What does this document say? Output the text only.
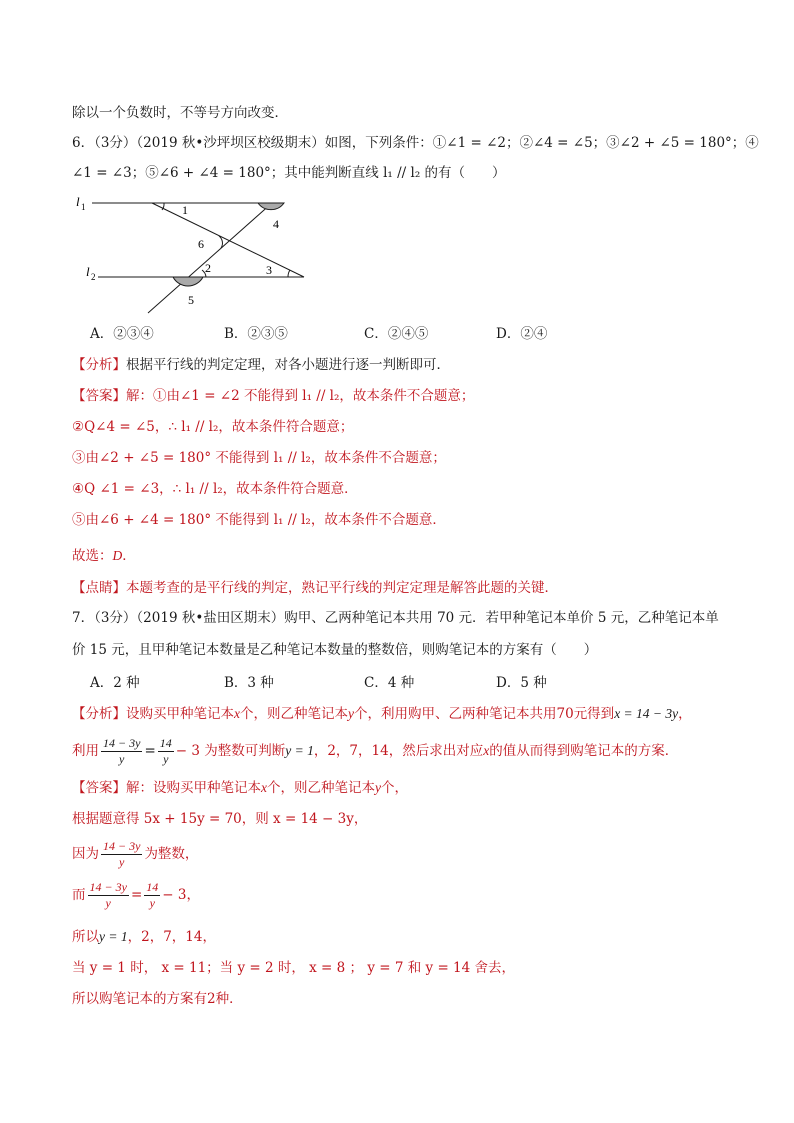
除以一个负数时，不等号方向改变．
6．（3分）（2019 秋•沙坪坝区校级期末）如图，下列条件：①∠1 = ∠2；②∠4 = ∠5；③∠2 + ∠5 = 180°；④
∠1 = ∠3；⑤∠6 + ∠4 = 180°；其中能判断直线 l₁ // l₂ 的有（　　）
l 1
l 2
1
4
6
2	3
5
A．②③④	B．②③⑤	C．②④⑤	D．②④
【分析】根据平行线的判定定理，对各小题进行逐一判断即可．
【答案】解：①由∠1 = ∠2 不能得到 l₁ // l₂，故本条件不合题意；
②Q∠4 = ∠5，∴ l₁ // l₂，故本条件符合题意；
③由∠2 + ∠5 = 180° 不能得到 l₁ // l₂，故本条件不合题意；
④Q ∠1 = ∠3，∴ l₁ // l₂，故本条件符合题意．
⑤由∠6 + ∠4 = 180° 不能得到 l₁ // l₂，故本条件不合题意．
故选：D．
【点睛】本题考查的是平行线的判定，熟记平行线的判定定理是解答此题的关键．
7．（3分）（2019 秋•盐田区期末）购甲、乙两种笔记本共用 70 元．若甲种笔记本单价 5 元，乙种笔记本单
价 15 元，且甲种笔记本数量是乙种笔记本数量的整数倍，则购笔记本的方案有（　　）
A．2 种	B．3 种	C．4 种	D．5 种
【分析】设购买甲种笔记本x个，则乙种笔记本y个，利用购甲、乙两种笔记本共用70元得到x = 14 − 3y，
利用 $\frac{14 - 3y}{y} = \frac{14}{y} - 3$ 为整数可判断y = 1，2，7，14，然后求出对应x的值从而得到购笔记本的方案．
【答案】解：设购买甲种笔记本x个，则乙种笔记本y个，
根据题意得 5x + 15y = 70，则 x = 14 − 3y，
因为 $\frac{14 - 3y}{y}$ 为整数，
而 $\frac{14 - 3y}{y} = \frac{14}{y} - 3$，
所以y = 1，2，7，14，
当 y = 1 时， x = 11；当 y = 2 时， x = 8 ； y = 7 和 y = 14 舍去，
所以购笔记本的方案有2种．
